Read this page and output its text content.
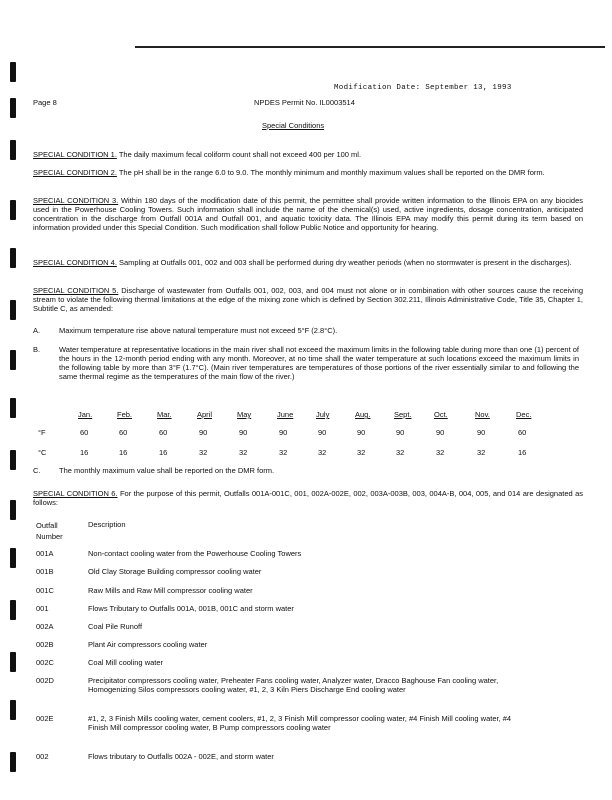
Modification Date: September 13, 1993
Page 8	NPDES Permit No. IL0003514
Special Conditions
SPECIAL CONDITION 1. The daily maximum fecal coliform count shall not exceed 400 per 100 ml.
SPECIAL CONDITION 2. The pH shall be in the range 6.0 to 9.0. The monthly minimum and monthly maximum values shall be reported on the DMR form.
SPECIAL CONDITION 3. Within 180 days of the modification date of this permit, the permittee shall provide written information to the Illinois EPA on any biocides used in the Powerhouse Cooling Towers. Such information shall include the name of the chemical(s) used, active ingredients, dosage concentration, anticipated concentration in the discharge from Outfall 001A and Outfall 001, and aquatic toxicity data. The Illinois EPA may modify this permit during its term based on information provided under this Special Condition. Such modification shall follow Public Notice and opportunity for hearing.
SPECIAL CONDITION 4. Sampling at Outfalls 001, 002 and 003 shall be performed during dry weather periods (when no stormwater is present in the discharges).
SPECIAL CONDITION 5. Discharge of wastewater from Outfalls 001, 002, 003, and 004 must not alone or in combination with other sources cause the receiving stream to violate the following thermal limitations at the edge of the mixing zone which is defined by Section 302.211, Illinois Administrative Code, Title 35, Chapter 1, Subtitle C, as amended:
A.	Maximum temperature rise above natural temperature must not exceed 5°F (2.8°C).
B.	Water temperature at representative locations in the main river shall not exceed the maximum limits in the following table during more than one (1) percent of the hours in the 12-month period ending with any month. Moreover, at no time shall the water temperature at such locations exceed the maximum limits in the following table by more than 3°F (1.7°C). (Main river temperatures are temperatures of those portions of the river essentially similar to and following the same thermal regime as the temperatures of the main flow of the river.)
Jan.	Feb.	Mar.	April	May	June	July	Aug.	Sept.	Oct.	Nov.	Dec.
°F	60	60	60	90	90	90	90	90	90	90	90	60
°C	16	16	16	32	32	32	32	32	32	32	32	16
C. The monthly maximum value shall be reported on the DMR form.
SPECIAL CONDITION 6. For the purpose of this permit, Outfalls 001A-001C, 001, 002A-002E, 002, 003A-003B, 003, 004A-B, 004, 005, and 014 are designated as follows:
Outfall
Number
Description
001A	Non-contact cooling water from the Powerhouse Cooling Towers
001B	Old Clay Storage Building compressor cooling water
001C	Raw Mills and Raw Mill compressor cooling water
001	Flows Tributary to Outfalls 001A, 001B, 001C and storm water
002A	Coal Pile Runoff
002B	Plant Air compressors cooling water
002C	Coal Mill cooling water
002D	Precipitator compressors cooling water, Preheater Fans cooling water, Analyzer water, Dracco Baghouse Fan cooling water, Homogenizing Silos compressors cooling water, #1, 2, 3 Kiln Piers Discharge End cooling water
002E	#1, 2, 3 Finish Mills cooling water, cement coolers, #1, 2, 3 Finish Mill compressor cooling water, #4 Finish Mill cooling water, #4 Finish Mill compressor cooling water, B Pump compressors cooling water
002	Flows tributary to Outfalls 002A - 002E, and storm water
